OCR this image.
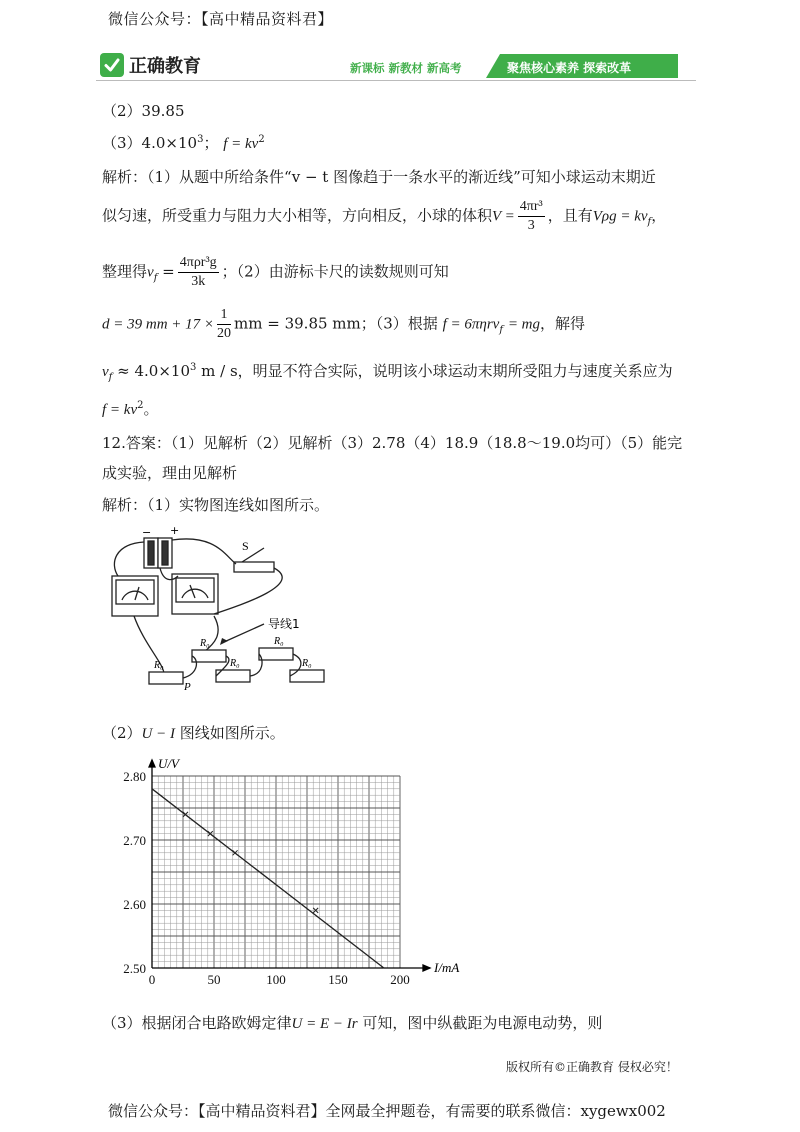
微信公众号：【高中精品资料君】
正确教育	新课标 新教材 新高考	聚焦核心素养 探索改革
（2）39.85
$(3)4.0\times 10^3$； $f = kv^2$
解析：（1）从题中所给条件“v − t 图像趋于一条水平的渐近线”可知小球运动末期近
似匀速，所受重力与阻力大小相等，方向相反，小球的体积$V = \frac{\text{4πr³}}{3}$ ，且有$V\rho g = kv_f$，
整理得$v_f = \frac{\text{4πρr³g}}{3k}$ ；（2）由游标卡尺的读数规则可知
d = 39 mm + $17 \times \frac{1}{20}$ mm = 39.85 mm；（3）根据 f = 6πηrv$_f$ = mg，解得
$v_f \approx 4.0\times 10^3$ m / s，明显不符合实际，说明该小球运动末期所受阻力与速度关系应为
$f = kv^2$。
12.答案：（1）见解析（2）见解析（3）2.78（4）18.9（18.8～19.0均可）（5）能完
成实验，理由见解析
解析：（1）实物图连线如图所示。
− +
S
导线1
R₀
R₀
R₀
R₀
R₀
P
（2）U − I 图线如图所示。
0	50	100	150	200
2.80
2.70
2.60
2.50
U/V
I/mA
（3）根据闭合电路欧姆定律U = E − Ir 可知，图中纵截距为电源电动势，则
版权所有©正确教育 侵权必究！
微信公众号：【高中精品资料君】全网最全押题卷，有需要的联系微信：xygewx002
